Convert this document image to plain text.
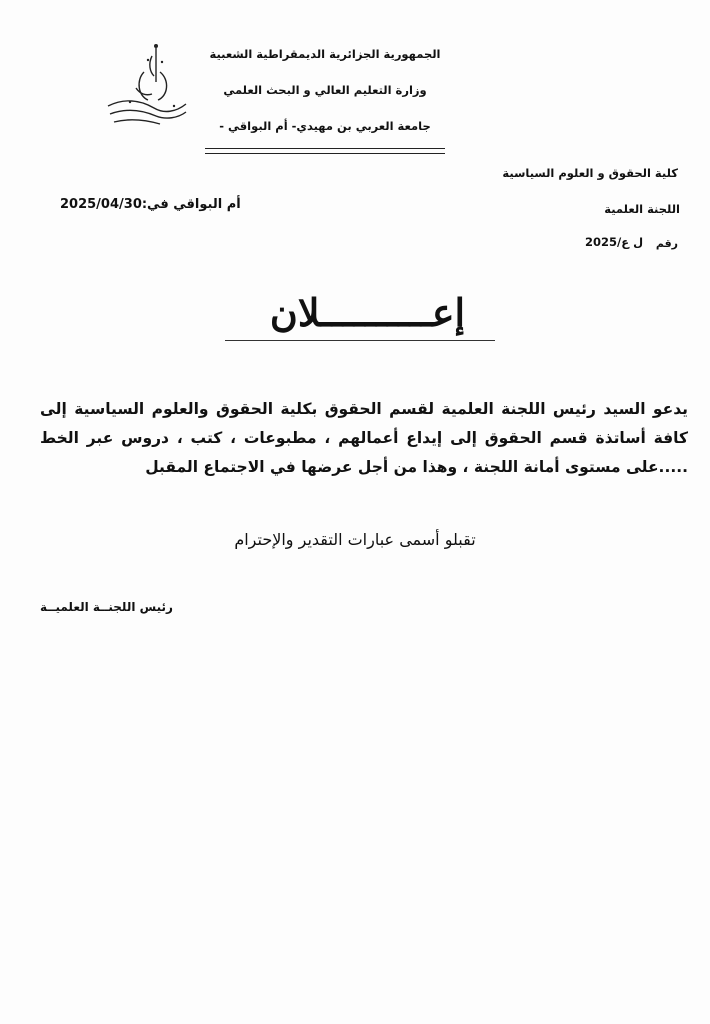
الجمهورية الجزائرية الديمقراطية الشعبية
وزارة التعليم العالي و البحث العلمي
جامعة العربي بن مهيدي- أم البواقي -
كلية الحقوق و العلوم السياسية
اللجنة العلمية
أم البواقي في:2025/04/30
رقم
ل ع/2025
إعــــــــــلان
يدعو السيد رئيس اللجنة العلمية لقسم الحقوق بكلية الحقوق والعلوم السياسية إلى كافة أساتذة قسم الحقوق إلى إيداع أعمالهم ، مطبوعات ، كتب ، دروس عبر الخط .....على مستوى أمانة اللجنة ، وهذا من أجل عرضها في الاجتماع المقبل
تقبلو أسمى عبارات التقدير والإحترام
رئيس اللجنــة العلميــة
